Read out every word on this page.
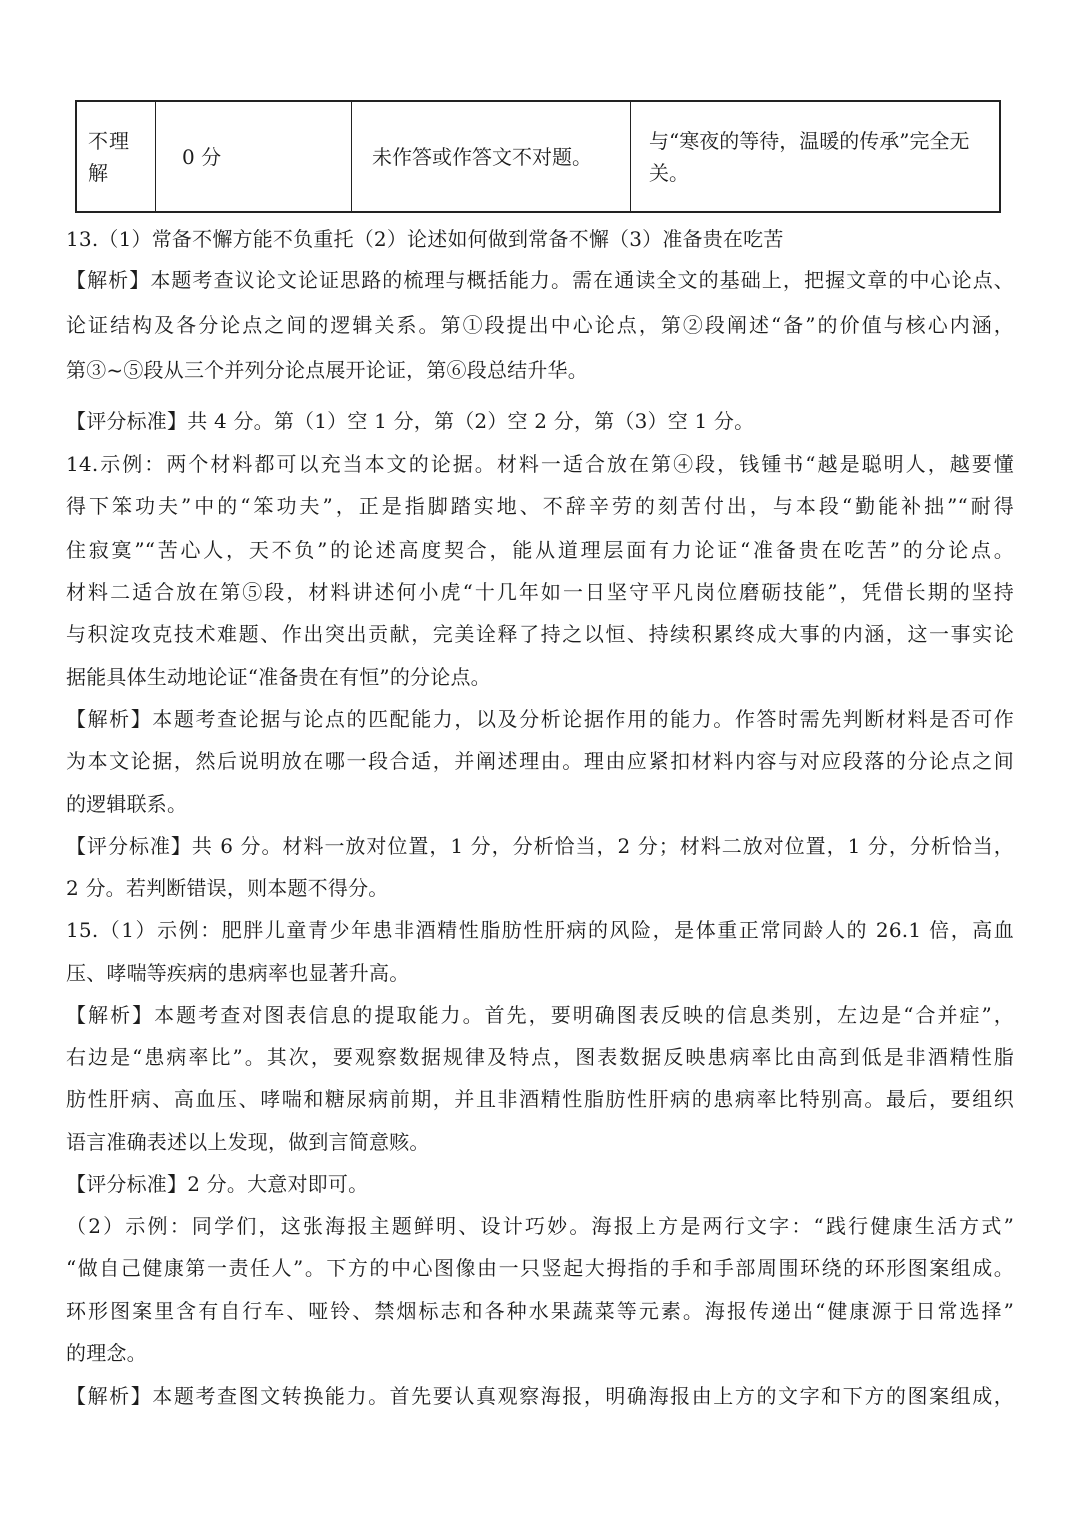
不理解
0 分	未作答或作答文不对题。
与“寒夜的等待，温暖的传承”完全无关。
13.（1）常备不懈方能不负重托（2）论述如何做到常备不懈（3）准备贵在吃苦
【解析】本题考查议论文论证思路的梳理与概括能力。需在通读全文的基础上，把握文章的中心论点、
论证结构及各分论点之间的逻辑关系。第①段提出中心论点，第②段阐述“备”的价值与核心内涵，
第③~⑤段从三个并列分论点展开论证，第⑥段总结升华。
【评分标准】共 4 分。第（1）空 1 分，第（2）空 2 分，第（3）空 1 分。
14.示例：两个材料都可以充当本文的论据。材料一适合放在第④段，钱锺书“越是聪明人，越要懂
得下笨功夫”中的“笨功夫”，正是指脚踏实地、不辞辛劳的刻苦付出，与本段“勤能补拙”“耐得
住寂寞”“苦心人，天不负”的论述高度契合，能从道理层面有力论证“准备贵在吃苦”的分论点。
材料二适合放在第⑤段，材料讲述何小虎“十几年如一日坚守平凡岗位磨砺技能”，凭借长期的坚持
与积淀攻克技术难题、作出突出贡献，完美诠释了持之以恒、持续积累终成大事的内涵，这一事实论
据能具体生动地论证“准备贵在有恒”的分论点。
【解析】本题考查论据与论点的匹配能力，以及分析论据作用的能力。作答时需先判断材料是否可作
为本文论据，然后说明放在哪一段合适，并阐述理由。理由应紧扣材料内容与对应段落的分论点之间
的逻辑联系。
【评分标准】共 6 分。材料一放对位置，1 分，分析恰当，2 分；材料二放对位置，1 分，分析恰当，
2 分。若判断错误，则本题不得分。
15.（1）示例：肥胖儿童青少年患非酒精性脂肪性肝病的风险，是体重正常同龄人的 26.1 倍，高血
压、哮喘等疾病的患病率也显著升高。
【解析】本题考查对图表信息的提取能力。首先，要明确图表反映的信息类别，左边是“合并症”，
右边是“患病率比”。其次，要观察数据规律及特点，图表数据反映患病率比由高到低是非酒精性脂
肪性肝病、高血压、哮喘和糖尿病前期，并且非酒精性脂肪性肝病的患病率比特别高。最后，要组织
语言准确表述以上发现，做到言简意赅。
【评分标准】2 分。大意对即可。
（2）示例：同学们，这张海报主题鲜明、设计巧妙。海报上方是两行文字：“践行健康生活方式”
“做自己健康第一责任人”。下方的中心图像由一只竖起大拇指的手和手部周围环绕的环形图案组成。
环形图案里含有自行车、哑铃、禁烟标志和各种水果蔬菜等元素。海报传递出“健康源于日常选择”
的理念。
【解析】本题考查图文转换能力。首先要认真观察海报，明确海报由上方的文字和下方的图案组成，
